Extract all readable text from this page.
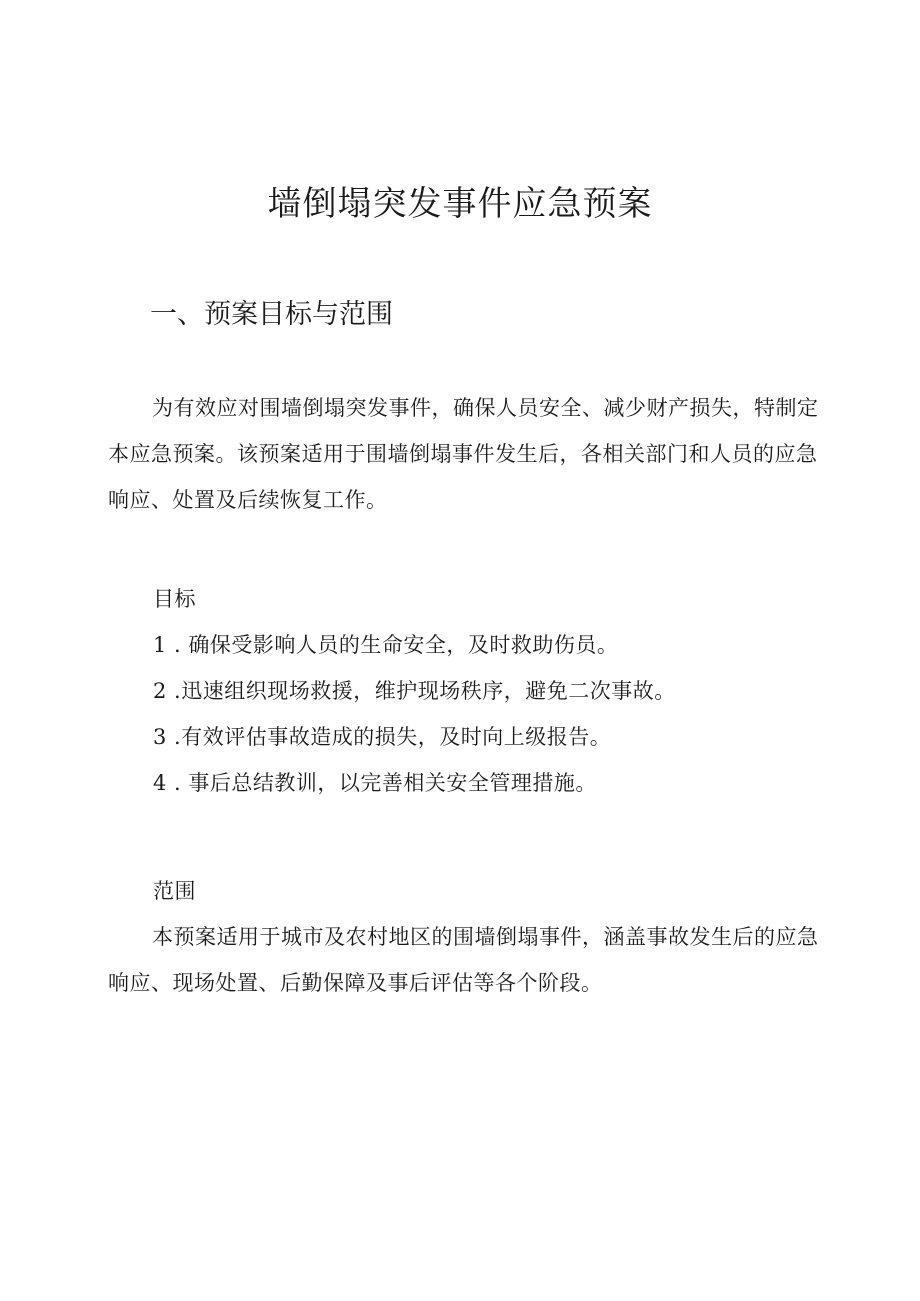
墙倒塌突发事件应急预案
一、预案目标与范围

为有效应对围墙倒塌突发事件，确保人员安全、减少财产损失，特制定本应急预案。该预案适用于围墙倒塌事件发生后，各相关部门和人员的应急响应、处置及后续恢复工作。

目标

1 . 确保受影响人员的生命安全，及时救助伤员。
2 .迅速组织现场救援，维护现场秩序，避免二次事故。
3 .有效评估事故造成的损失，及时向上级报告。
4 . 事后总结教训，以完善相关安全管理措施。

范围

本预案适用于城市及农村地区的围墙倒塌事件，涵盖事故发生后的应急响应、现场处置、后勤保障及事后评估等各个阶段。
